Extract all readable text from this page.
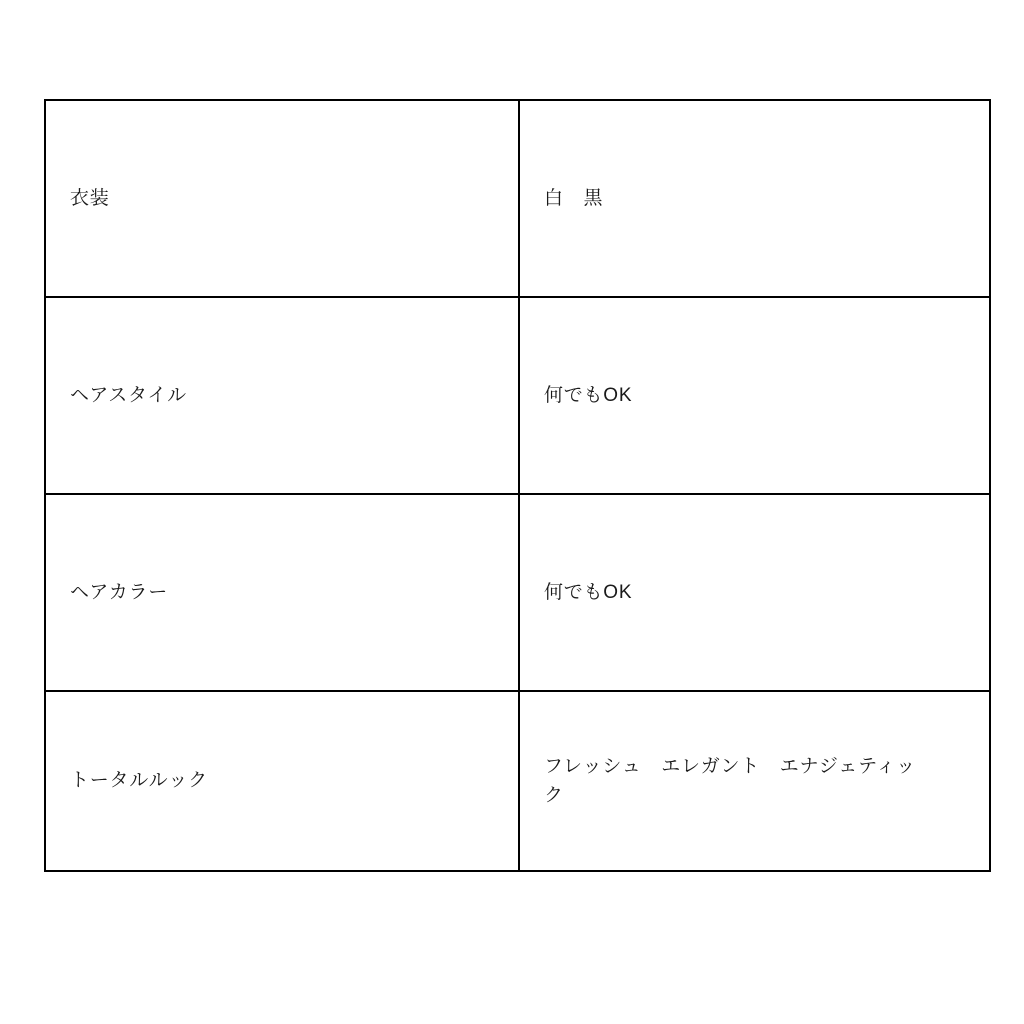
衣装	白　黒

ヘアスタイル	何でもOK

ヘアカラー	何でもOK

トータルルック	フレッシュ　エレガント　エナジェティック
